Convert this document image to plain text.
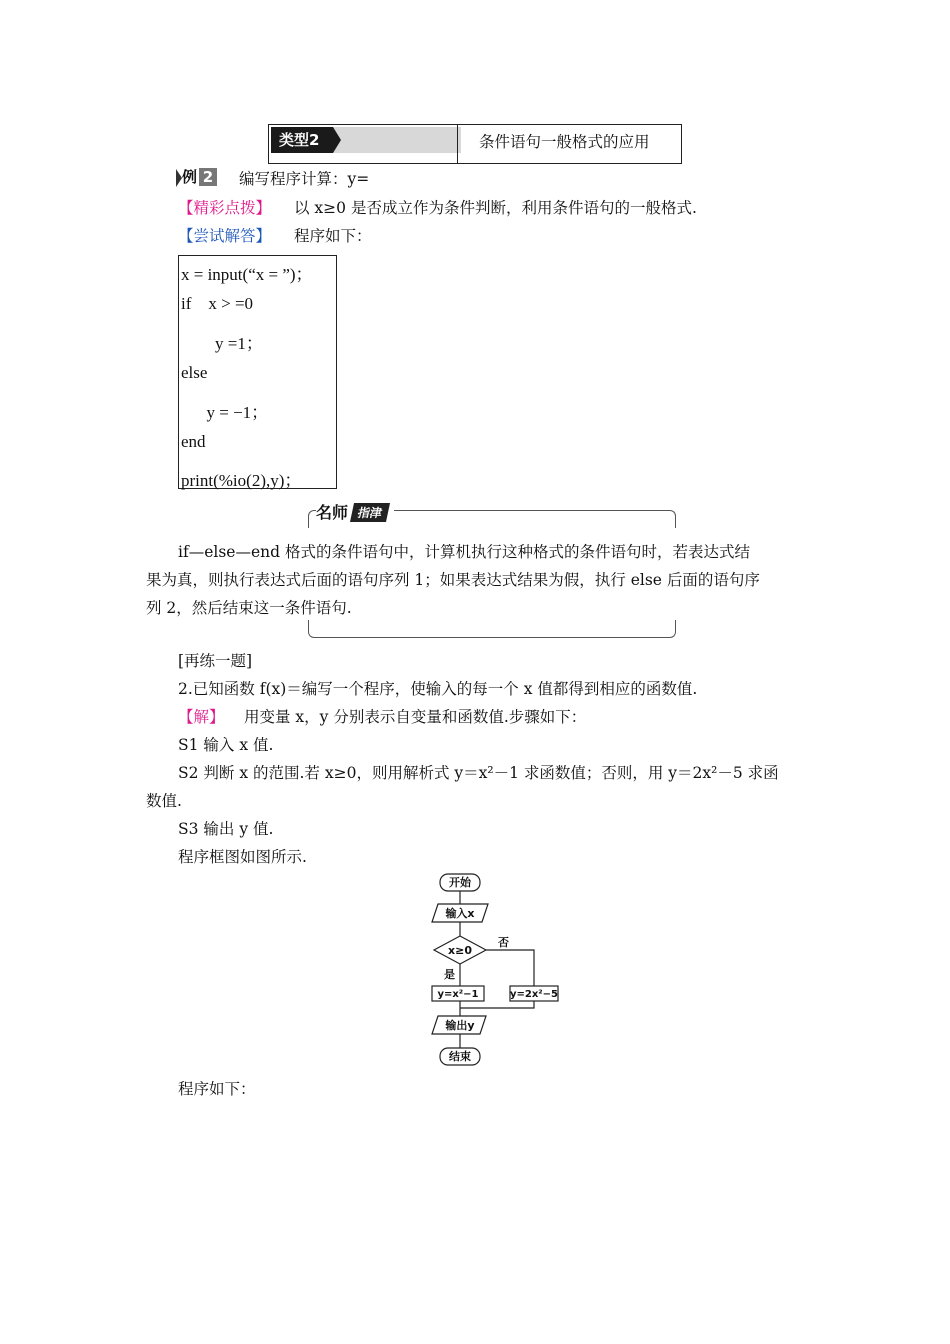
类型2	条件语句一般格式的应用
例 2	编写程序计算：y=
【精彩点拨】 以 x≥0 是否成立作为条件判断，利用条件语句的一般格式.
【尝试解答】 程序如下：
x = input(“x = ”)；
if    x > =0
y =1；
else
y = −1；
end
print(%io(2),y)；
名师 指津
if—else—end 格式的条件语句中，计算机执行这种格式的条件语句时，若表达式结
果为真，则执行表达式后面的语句序列 1；如果表达式结果为假，执行 else 后面的语句序
列 2，然后结束这一条件语句.
[再练一题]
2.已知函数 f(x)＝编写一个程序，使输入的每一个 x 值都得到相应的函数值.
【解】 用变量 x，y 分别表示自变量和函数值.步骤如下：
S1 输入 x 值.
S2 判断 x 的范围.若 x≥0，则用解析式 y＝x²－1 求函数值；否则，用 y＝2x²－5 求函
数值.
S3 输出 y 值.
程序框图如图所示.
开始
输入x
x≥0
否
是
y=x²−1	y=2x²−5
输出y
结束
程序如下：
